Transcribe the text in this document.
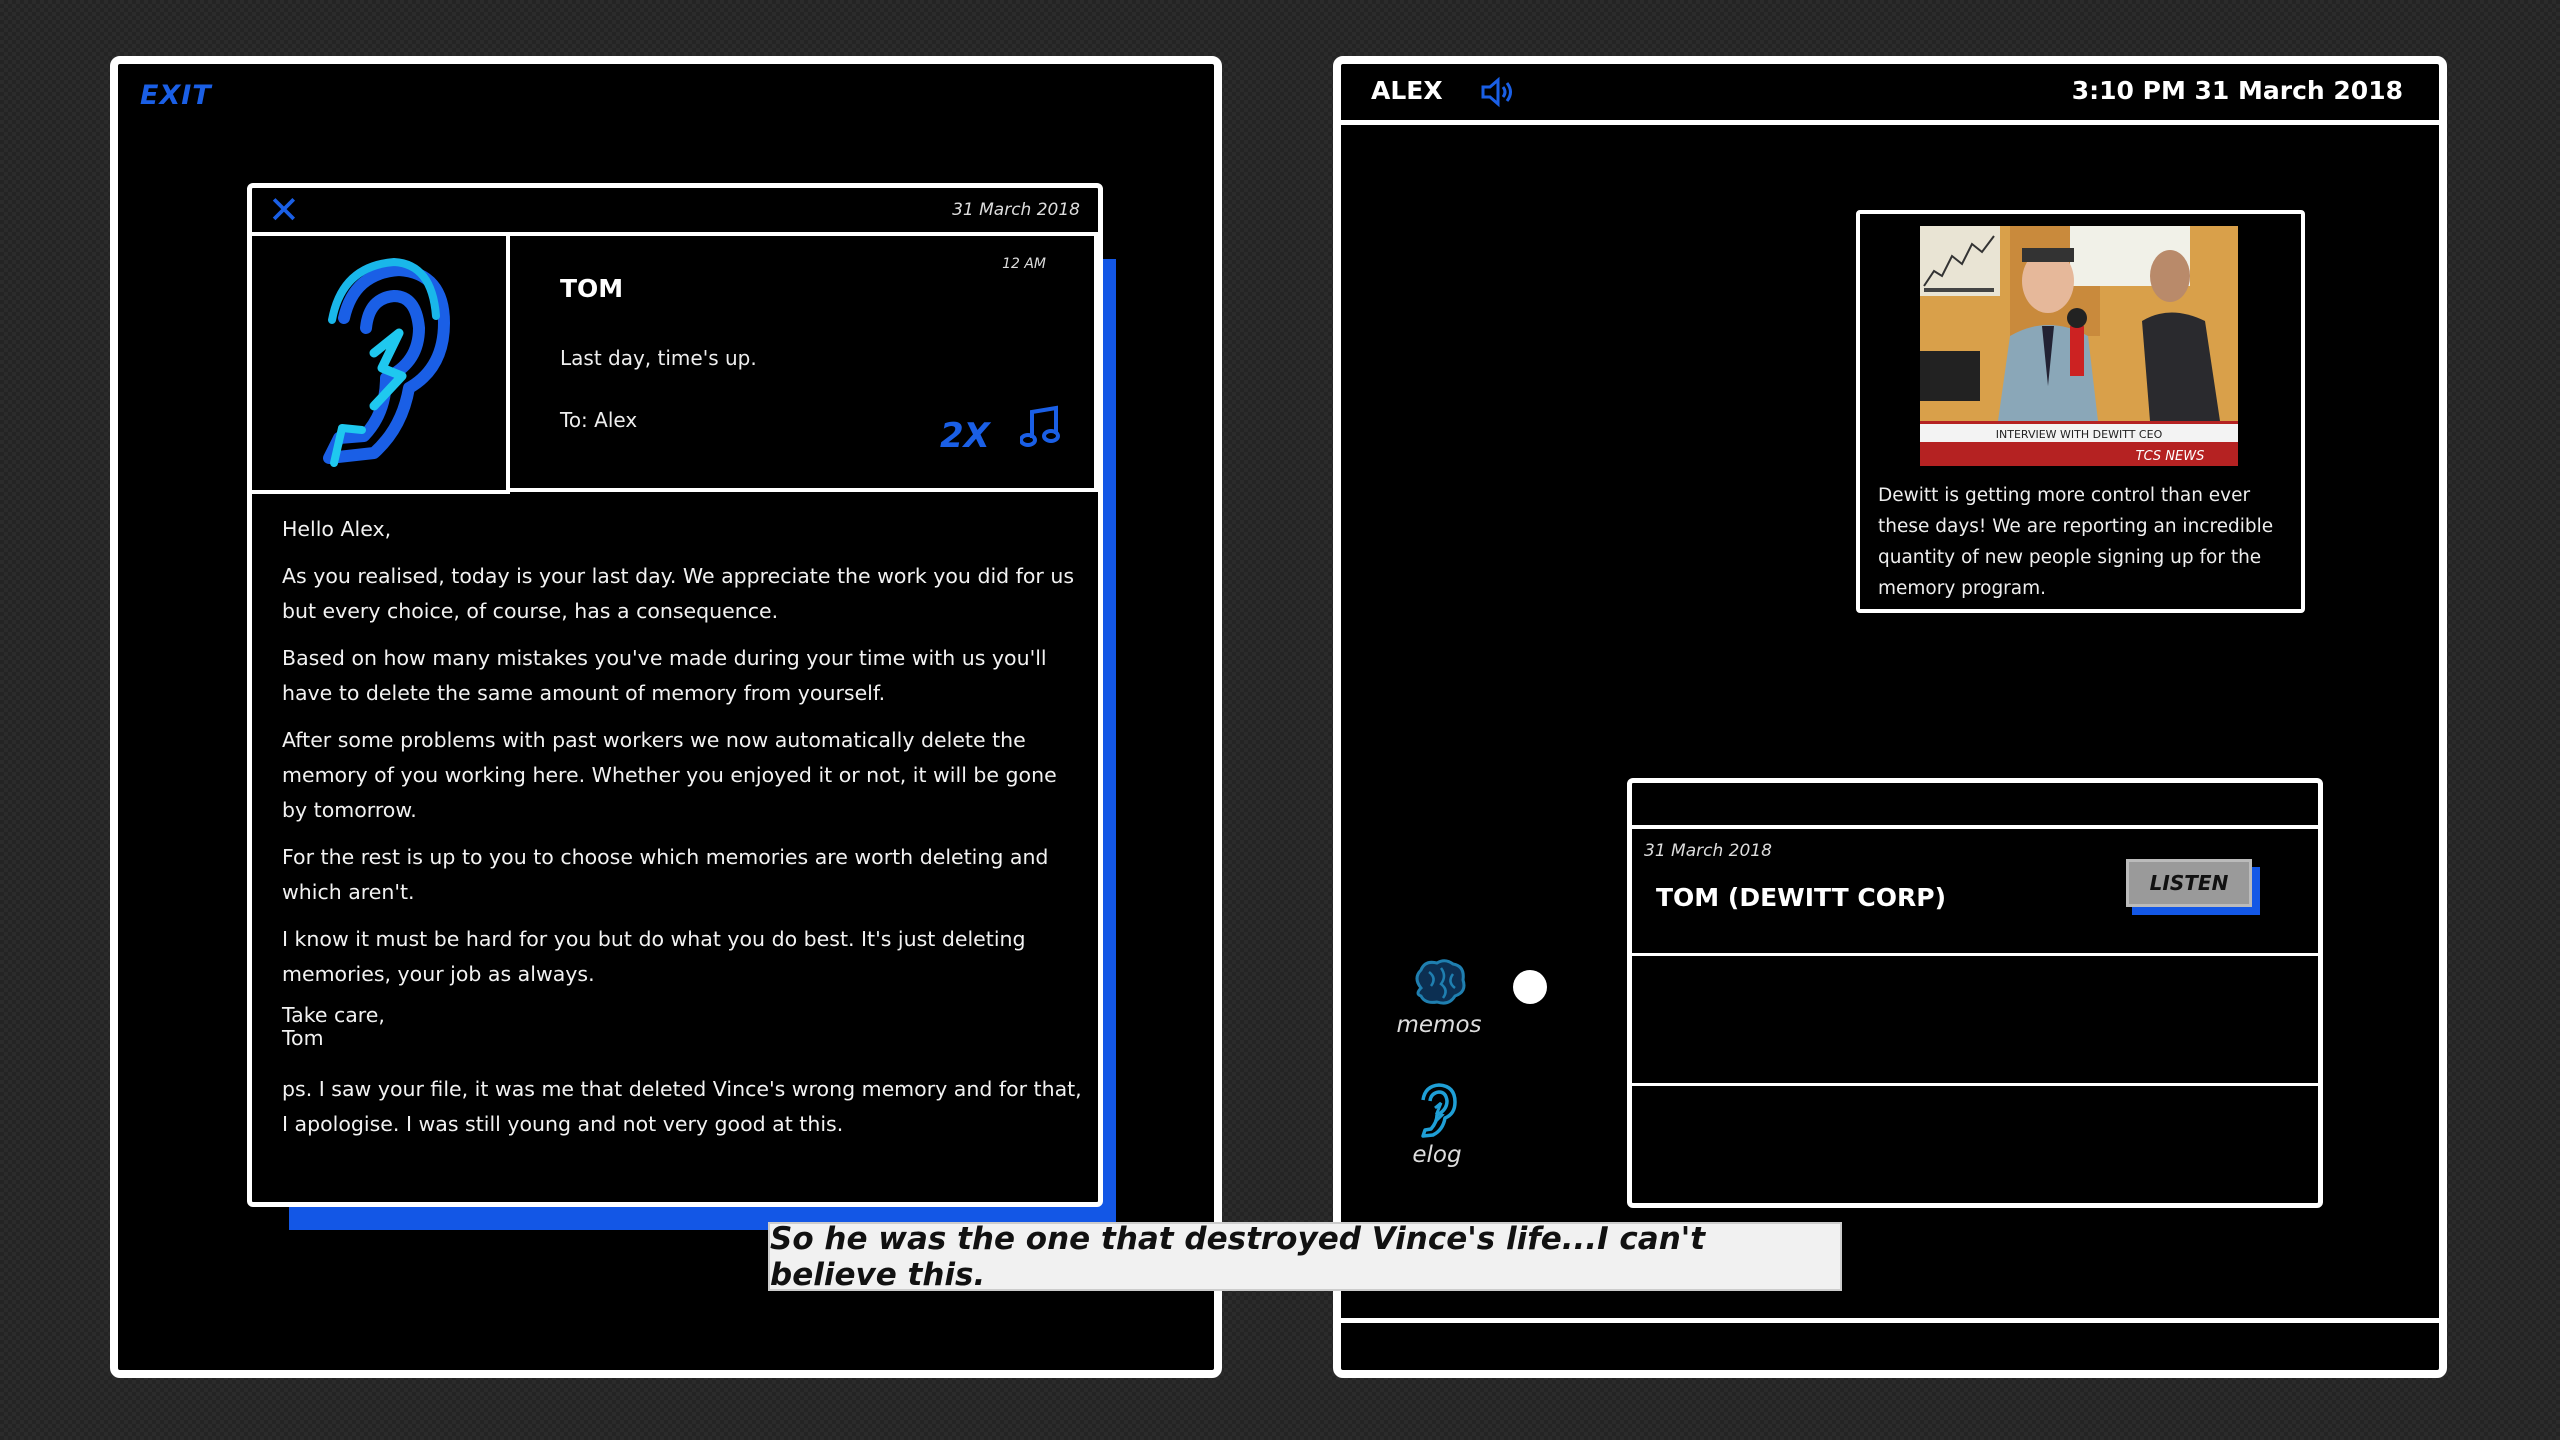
EXIT
✕	31 March 2018
12 AM
TOM
Last day, time's up.
To: Alex	2X

Hello Alex,

As you realised, today is your last day. We appreciate the work you did for us but every choice, of course, has a consequence.

Based on how many mistakes you've made during your time with us you'll have to delete the same amount of memory from yourself.

After some problems with past workers we now automatically delete the memory of you working here. Whether you enjoyed it or not, it will be gone by tomorrow.

For the rest is up to you to choose which memories are worth deleting and which aren't.

I know it must be hard for you but do what you do best. It's just deleting memories, your job as always.

Take care,
Tom

ps. I saw your file, it was me that deleted Vince's wrong memory and for that, I apologise. I was still young and not very good at this.

ALEX	3:10 PM 31 March 2018
INTERVIEW WITH DEWITT CEO
TCS NEWS
Dewitt is getting more control than ever these days! We are reporting an incredible quantity of new people signing up for the memory program.
memos
elog
31 March 2018
TOM (DEWITT CORP)	LISTEN
So he was the one that destroyed Vince's life...I can't believe this.
